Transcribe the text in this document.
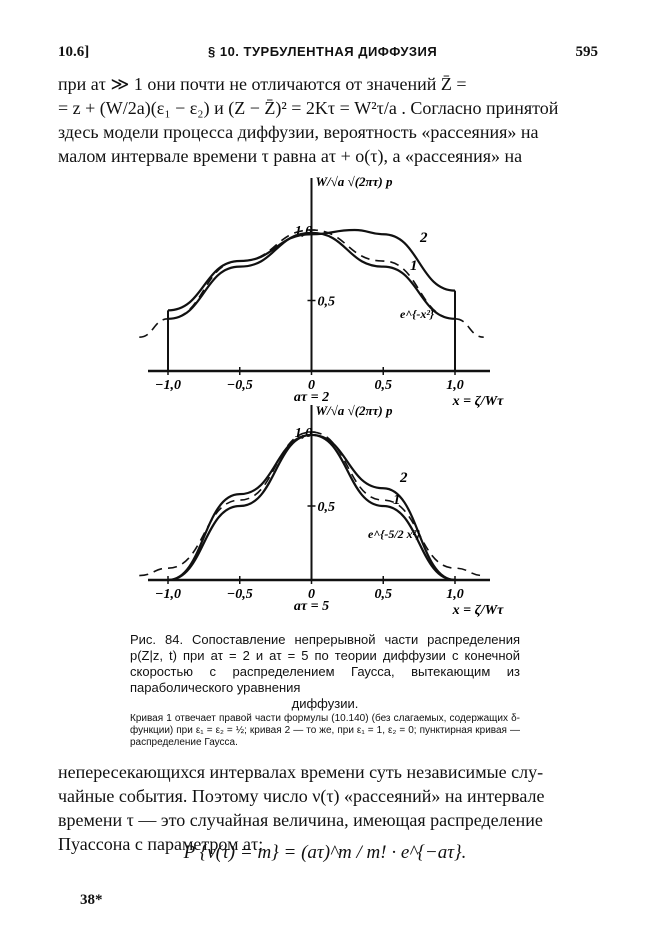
10.6]	§ 10. ТУРБУЛЕНТНАЯ ДИФФУЗИЯ	595

при aτ ≫ 1 они почти не отличаются от значений Z̄ =

= z + (W/2a)(ε₁ − ε₂) и (Z − Z̄)² = 2Kτ = W²τ/a . Согласно принятой

здесь модели процесса диффузии, вероятность «рассеяния» на

малом интервале времени τ равна aτ + o(τ), а «рассеяния» на

−1,0	−0,5	0	0,5	1,0
0,5
1,0
W/√a √(2πτ) p
x = ζ/Wτ
aτ = 2
2
1
e^{-x²}
−1,0	−0,5	0	0,5	1,0
0,5
1,0
W/√a √(2πτ) p
x = ζ/Wτ
aτ = 5
2
1
e^{-5/2 x²}

Рис. 84. Сопоставление непрерывной части распределения p(Z|z, t) при aτ = 2 и aτ = 5 по теории диффузии с конечной скоростью с распределением Гаусса, вытекающим из параболического уравнения

диффузии.

Кривая 1 отвечает правой части формулы (10.140) (без слагаемых, содержащих δ-функции) при ε₁ = ε₂ = ½; кривая 2 — то же, при ε₁ = 1, ε₂ = 0; пунктирная кривая — распределение Гаусса.

непересекающихся интервалах времени суть независимые слу-

чайные события. Поэтому число ν(τ) «рассеяний» на интервале

времени τ — это случайная величина, имеющая распределение

Пуассона с параметром aτ:

P {ν(τ) = m} = (aτ)^m / m! · e^{−aτ}.
38*
